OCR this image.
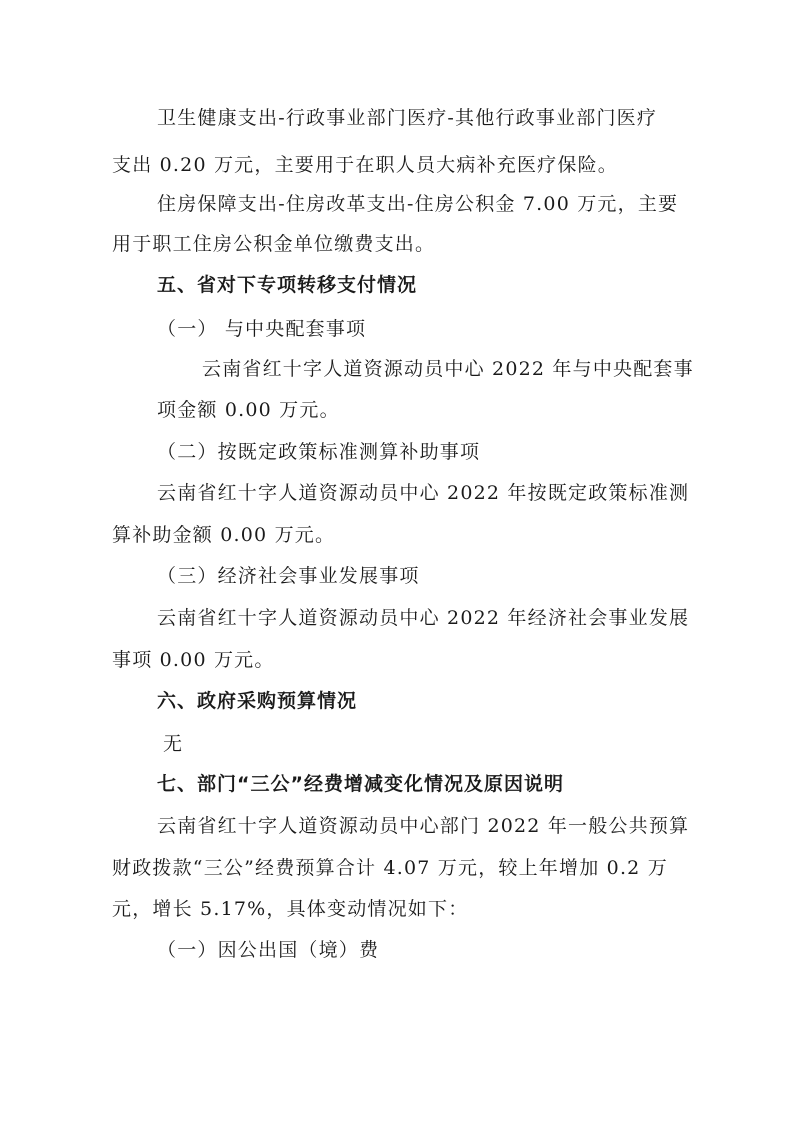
卫生健康支出-行政事业部门医疗-其他行政事业部门医疗
支出 0.20 万元，主要用于在职人员大病补充医疗保险。
住房保障支出-住房改革支出-住房公积金 7.00 万元，主要
用于职工住房公积金单位缴费支出。
五、省对下专项转移支付情况
（一） 与中央配套事项
云南省红十字人道资源动员中心 2022 年与中央配套事
项金额 0.00 万元。
（二）按既定政策标准测算补助事项
云南省红十字人道资源动员中心 2022 年按既定政策标准测
算补助金额 0.00 万元。
（三）经济社会事业发展事项
云南省红十字人道资源动员中心 2022 年经济社会事业发展
事项 0.00 万元。
六、政府采购预算情况
无
七、部门“三公”经费增减变化情况及原因说明
云南省红十字人道资源动员中心部门 2022 年一般公共预算
财政拨款“三公”经费预算合计 4.07 万元，较上年增加 0.2 万
元，增长 5.17%，具体变动情况如下：
（一）因公出国（境）费
